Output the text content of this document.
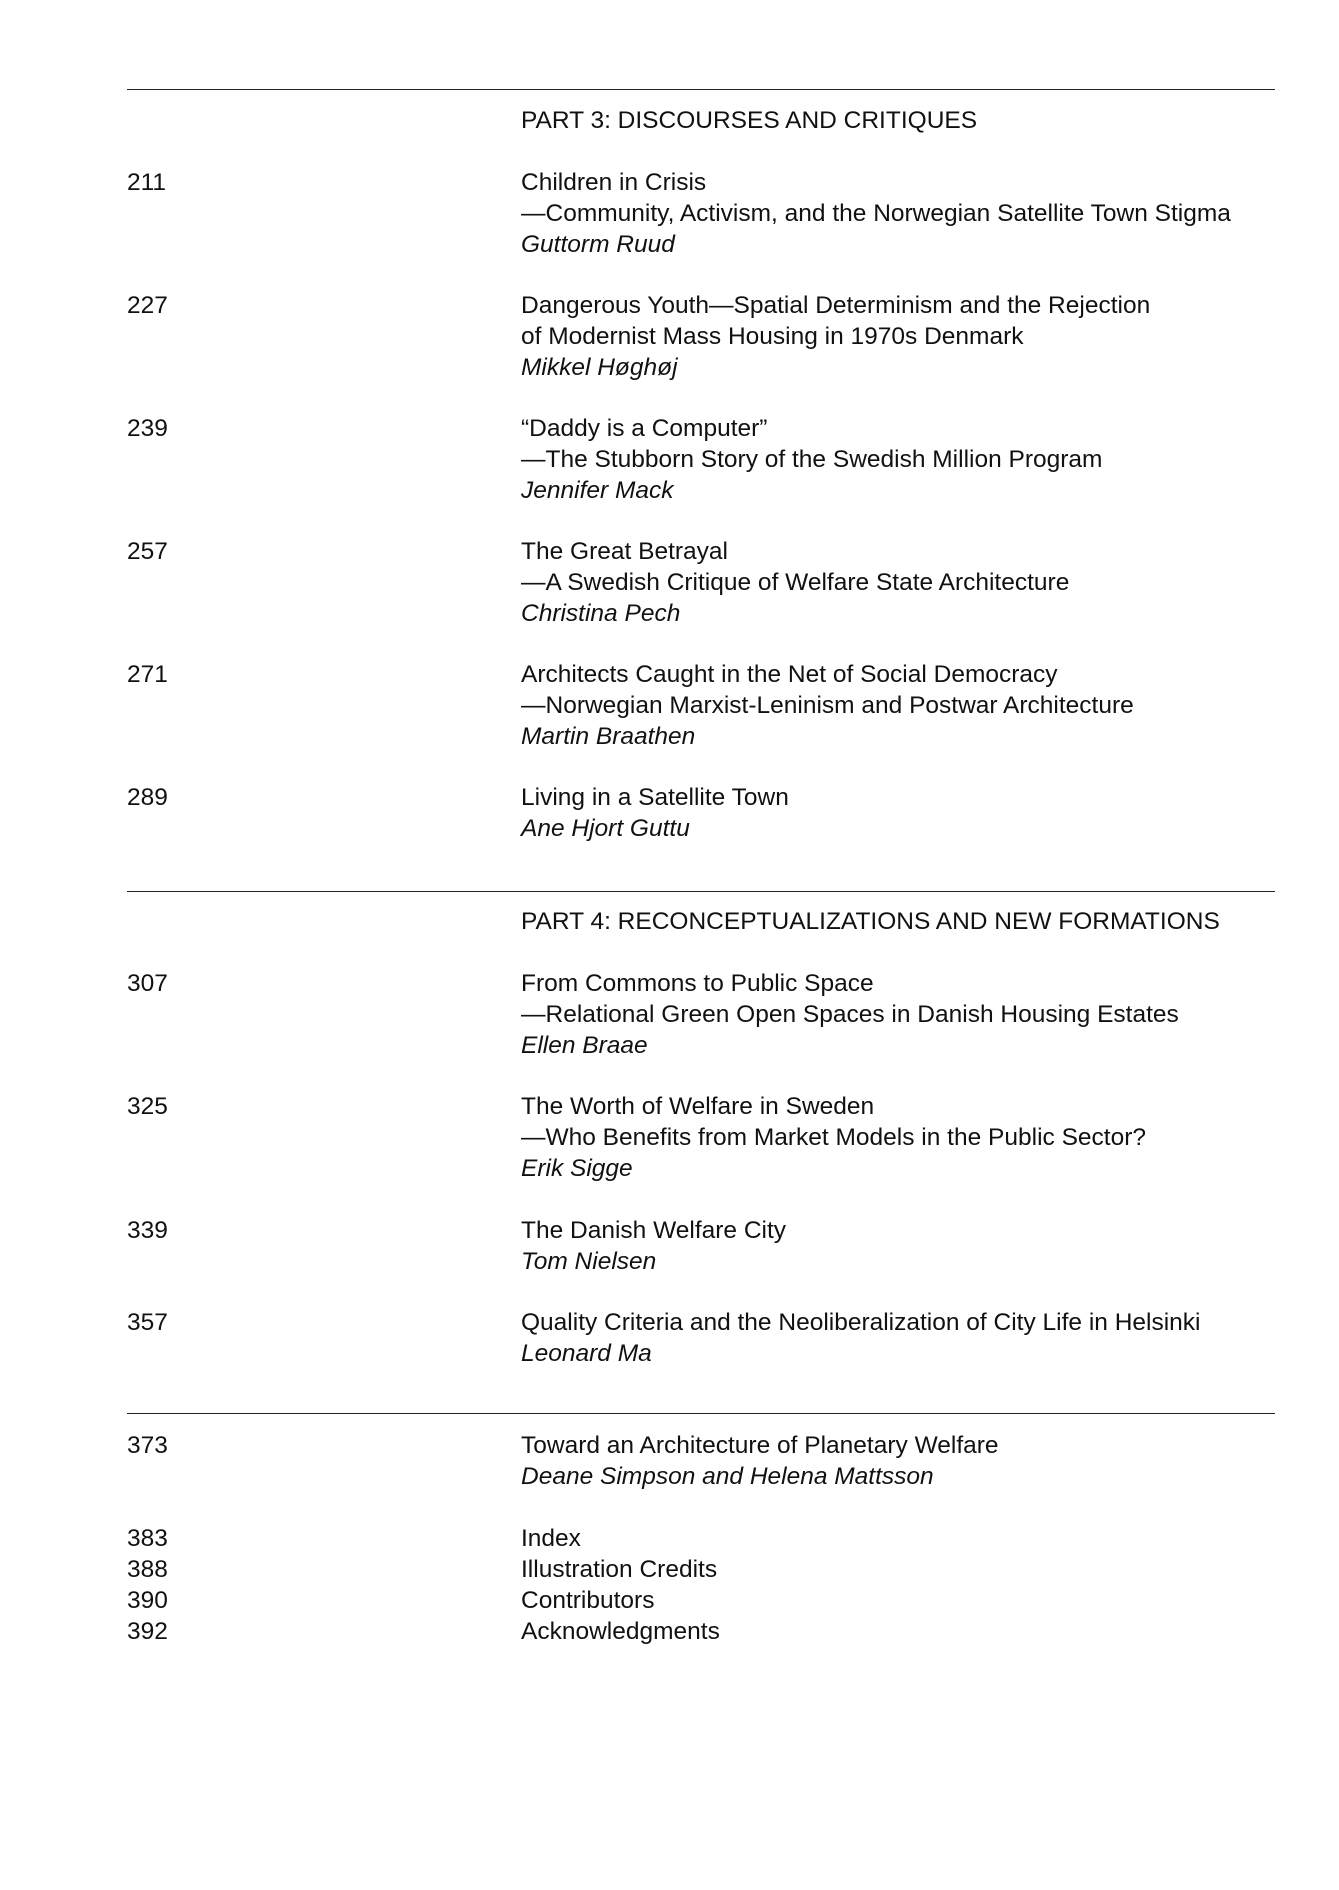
PART 3: DISCOURSES AND CRITIQUES
211	Children in Crisis
—Community, Activism, and the Norwegian Satellite Town Stigma
Guttorm Ruud
227	Dangerous Youth—Spatial Determinism and the Rejection
of Modernist Mass Housing in 1970s Denmark
Mikkel Høghøj
239	“Daddy is a Computer”
—The Stubborn Story of the Swedish Million Program
Jennifer Mack
257	The Great Betrayal
—A Swedish Critique of Welfare State Architecture
Christina Pech
271	Architects Caught in the Net of Social Democracy
—Norwegian Marxist-Leninism and Postwar Architecture
Martin Braathen
289	Living in a Satellite Town
Ane Hjort Guttu
PART 4: RECONCEPTUALIZATIONS AND NEW FORMATIONS
307	From Commons to Public Space
—Relational Green Open Spaces in Danish Housing Estates
Ellen Braae
325	The Worth of Welfare in Sweden
—Who Benefits from Market Models in the Public Sector?
Erik Sigge
339	The Danish Welfare City
Tom Nielsen
357	Quality Criteria and the Neoliberalization of City Life in Helsinki
Leonard Ma
373	Toward an Architecture of Planetary Welfare
Deane Simpson and Helena Mattsson
383	Index
388	Illustration Credits
390	Contributors
392	Acknowledgments
